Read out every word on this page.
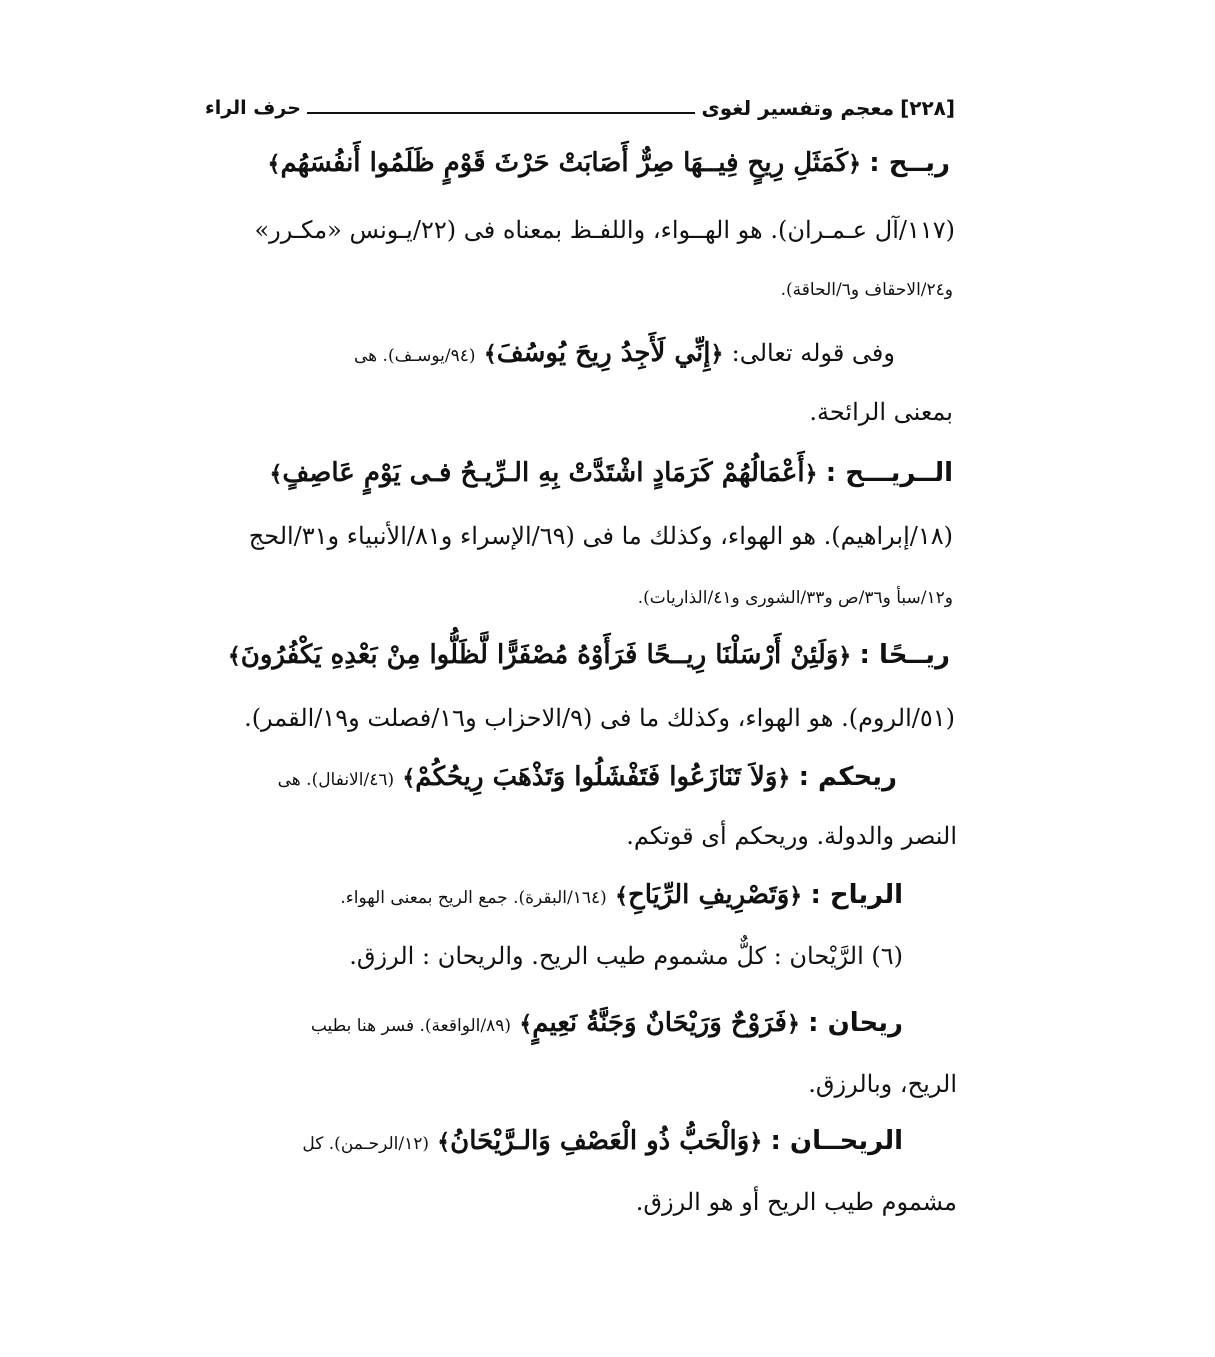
[٢٢٨]
معجم وتفسير لغوى
حرف الراء
ريــح : ﴿كَمَثَلِ رِيحٍ فِيــهَا صِرٌّ أَصَابَتْ حَرْثَ قَوْمٍ ظَلَمُوا أَنفُسَهُم﴾
(١١٧/آل عـمـران). هو الهــواء، واللفـظ بمعناه فى (٢٢/يـونس «مكـرر»
و٢٤/الاحقاف و٦/الحاقة).
وفى قوله تعالى: ﴿إِنِّي لَأَجِدُ رِيحَ يُوسُفَ﴾ (٩٤/يوسـف). هى
بمعنى الرائحة.
الــريـــح : ﴿أَعْمَالُهُمْ كَرَمَادٍ اشْتَدَّتْ بِهِ الـرِّيـحُ فـى يَوْمٍ عَاصِفٍ﴾
(١٨/إبراهيم). هو الهواء، وكذلك ما فى (٦٩/الإسراء و٨١/الأنبياء و٣١/الحج
و١٢/سبأ و٣٦/ص و٣٣/الشورى و٤١/الذاريات).
ريــحًا : ﴿وَلَئِنْ أَرْسَلْنَا رِيــحًا فَرَأَوْهُ مُصْفَرًّا لَّظَلُّوا مِنْ بَعْدِهِ يَكْفُرُونَ﴾
(٥١/الروم). هو الهواء، وكذلك ما فى (٩/الاحزاب و١٦/فصلت و١٩/القمر).
ريحكم : ﴿وَلاَ تَنَازَعُوا فَتَفْشَلُوا وَتَذْهَبَ رِيحُكُمْ﴾ (٤٦/الانفال). هى
النصر والدولة. وريحكم أى قوتكم.
الرياح : ﴿وَتَصْرِيفِ الرِّيَاحِ﴾ (١٦٤/البقرة). جمع الريح بمعنى الهواء.
(٦) الرَّيْحان : كلٌّ مشموم طيب الريح. والريحان : الرزق.
ريحان : ﴿فَرَوْحٌ وَرَيْحَانٌ وَجَنَّةُ نَعِيمٍ﴾ (٨٩/الواقعة). فسر هنا بطيب
الريح، وبالرزق.
الريحــان : ﴿وَالْحَبُّ ذُو الْعَصْفِ وَالـرَّيْحَانُ﴾ (١٢/الرحـمن). كل
مشموم طيب الريح أو هو الرزق.
